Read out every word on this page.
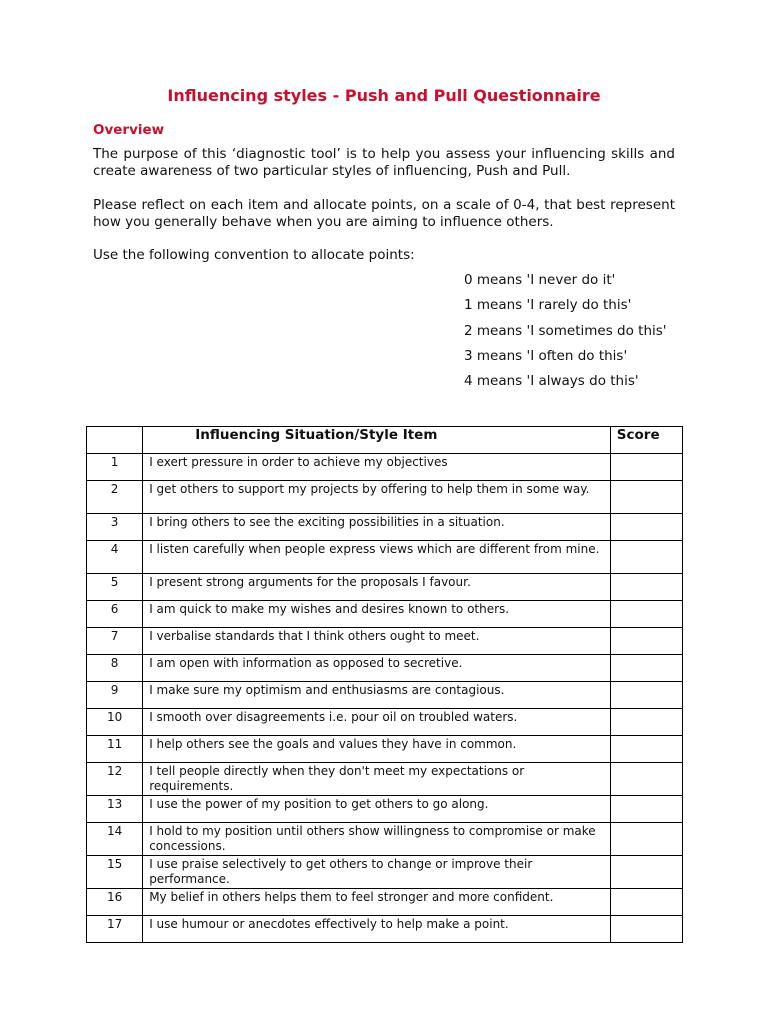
Influencing styles - Push and Pull Questionnaire
Overview
The purpose of this ‘diagnostic tool’ is to help you assess your influencing skills and create awareness of two particular styles of influencing, Push and Pull.
Please reflect on each item and allocate points, on a scale of 0-4, that best represent how you generally behave when you are aiming to influence others.
Use the following convention to allocate points:
0 means 'I never do it'
1 means 'I rarely do this'
2 means 'I sometimes do this'
3 means 'I often do this'
4 means 'I always do this'
	Influencing Situation/Style Item	Score
1	I exert pressure in order to achieve my objectives	
2	I get others to support my projects by offering to help them in some way.	
3	I bring others to see the exciting possibilities in a situation.	
4	I listen carefully when people express views which are different from mine.	
5	I present strong arguments for the proposals I favour.	
6	I am quick to make my wishes and desires known to others.	
7	I verbalise standards that I think others ought to meet.	
8	I am open with information as opposed to secretive.	
9	I make sure my optimism and enthusiasms are contagious.	
10	I smooth over disagreements i.e. pour oil on troubled waters.	
11	I help others see the goals and values they have in common.	
12	I tell people directly when they don't meet my expectations or requirements.	
13	I use the power of my position to get others to go along.	
14	I hold to my position until others show willingness to compromise or make concessions.	
15	I use praise selectively to get others to change or improve their performance.	
16	My belief in others helps them to feel stronger and more confident.	
17	I use humour or anecdotes effectively to help make a point.	
